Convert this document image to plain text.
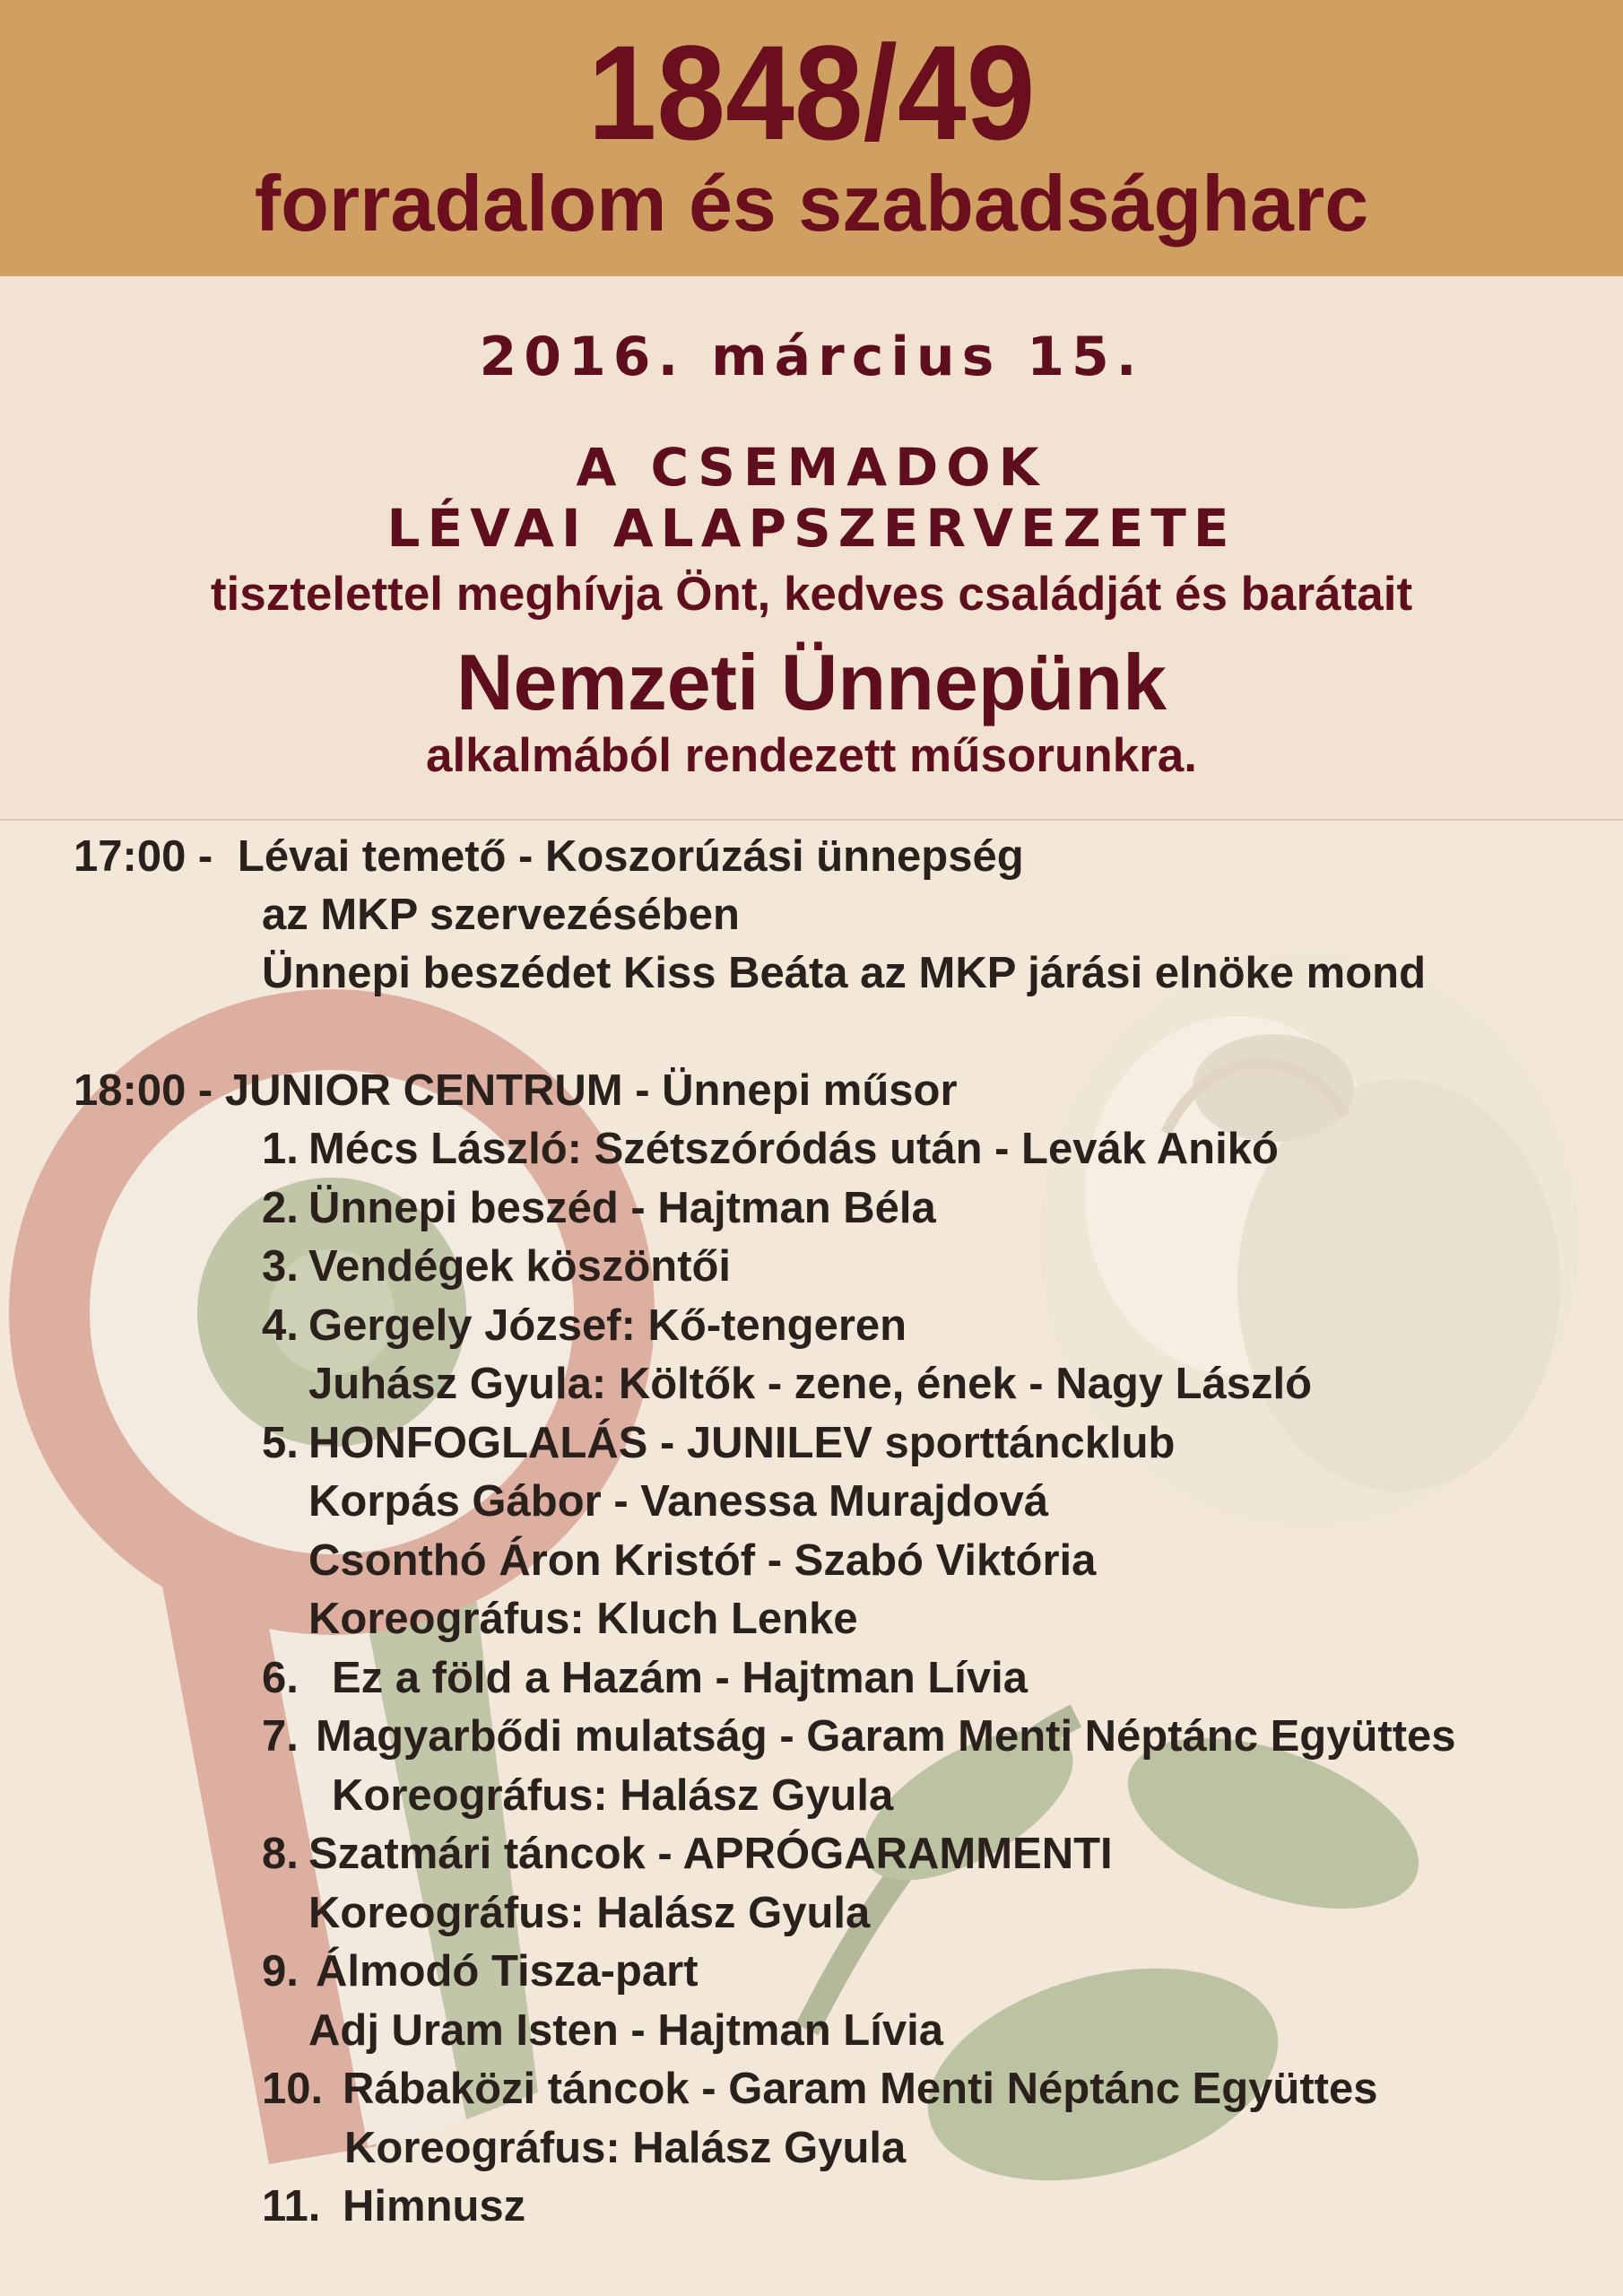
1848/49
forradalom és szabadságharc
2016. március 15.
A CSEMADOK
LÉVAI ALAPSZERVEZETE
tisztelettel meghívja Önt, kedves családját és barátait
Nemzeti Ünnepünk
alkalmából rendezett műsorunkra.
17:00 - Lévai temető - Koszorúzási ünnepség
az MKP szervezésében
Ünnepi beszédet Kiss Beáta az MKP járási elnöke mond
18:00 - JUNIOR CENTRUM - Ünnepi műsor
1. Mécs László: Szétszóródás után - Levák Anikó
2. Ünnepi beszéd - Hajtman Béla
3. Vendégek köszöntői
4. Gergely József: Kő-tengeren
Juhász Gyula: Költők - zene, ének - Nagy László
5. HONFOGLALÁS - JUNILEV sporttáncklub
Korpás Gábor - Vanessa Murajdová
Csonthó Áron Kristóf - Szabó Viktória
Koreográfus: Kluch Lenke
6. Ez a föld a Hazám - Hajtman Lívia
7. Magyarbődi mulatság - Garam Menti Néptánc Együttes
Koreográfus: Halász Gyula
8. Szatmári táncok - APRÓGARAMMENTI
Koreográfus: Halász Gyula
9. Álmodó Tisza-part
Adj Uram Isten - Hajtman Lívia
10. Rábaközi táncok - Garam Menti Néptánc Együttes
Koreográfus: Halász Gyula
11. Himnusz
